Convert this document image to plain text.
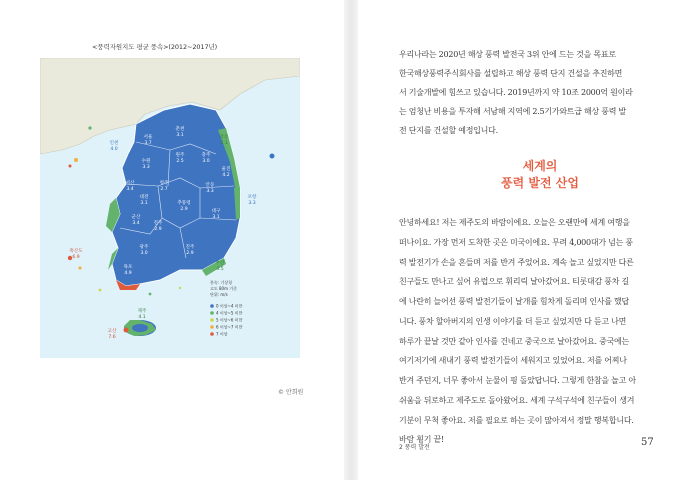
<풍력자원지도 평균 풍속>(2012~2017년)
인천
4.0
서울
3.7
수원
3.3
춘천
3.1
원주
2.5
강릉
4.1
충주
3.0
서산
3.4
청주
2.7
대전
3.1
안동
3.3
포항
3.3
추풍령
2.9
전주
2.9
대구
3.1
군산
3.4
광주
3.0
진주
2.9
부산
4.5
목포
4.9
흑산도
6.9
제주
4.1
고산
7.6
울진
4.2
풍속: 기상청
고도 80m 기준
단위: m/s
0 이상~4 미만
4 이상~5 미만
5 이상~6 미만
6 이상~7 미만
7 이상
© 안희원
우리나라는 2020년 해상 풍력 발전국 3위 안에 드는 것을 목표로
한국해상풍력주식회사를 설립하고 해상 풍력 단지 건설을 추진하면
서 기술개발에 힘쓰고 있습니다. 2019년까지 약 10조 2000억 원이라
는 엄청난 비용을 투자해 서남해 지역에 2.5기가와트급 해상 풍력 발
전 단지를 건설할 예정입니다.
세계의
풍력 발전 산업
안녕하세요! 저는 제주도의 바람이에요. 오늘은 오랜만에 세계 여행을
떠나이요. 가장 먼저 도착한 곳은 미국이에요. 무려 4,000대가 넘는 풍
력 발전기가 손을 흔들며 저를 반겨 주었어요. 계속 놀고 싶었지만 다른
친구들도 만나고 싶어 유럽으로 휘리릭 날아갔어요. 티롯대감 풍차 길
에 나란히 늘어선 풍력 발전기들이 날개를 힘차게 돌리며 인사를 했답
니다. 풍차 할아버지의 인생 이야기를 더 듣고 싶었지만 다 듣고 나면
하루가 끝날 것만 같아 인사를 건네고 중국으로 날아갔어요. 중국에는
여기저기에 새내기 풍력 발전기들이 세워지고 있었어요. 저를 어찌나
반겨 주던지, 너무 좋아서 눈물이 핑 돌았답니다. 그렇게 한참을 놀고 아
쉬움을 뒤로하고 제주도로 돌아왔어요. 세계 구석구석에 친구들이 생겨
기분이 무척 좋아요. 저를 필요로 하는 곳이 많아져서 정말 행복합니다.
바람 휭기 끝!
2 풍력 발전	57
